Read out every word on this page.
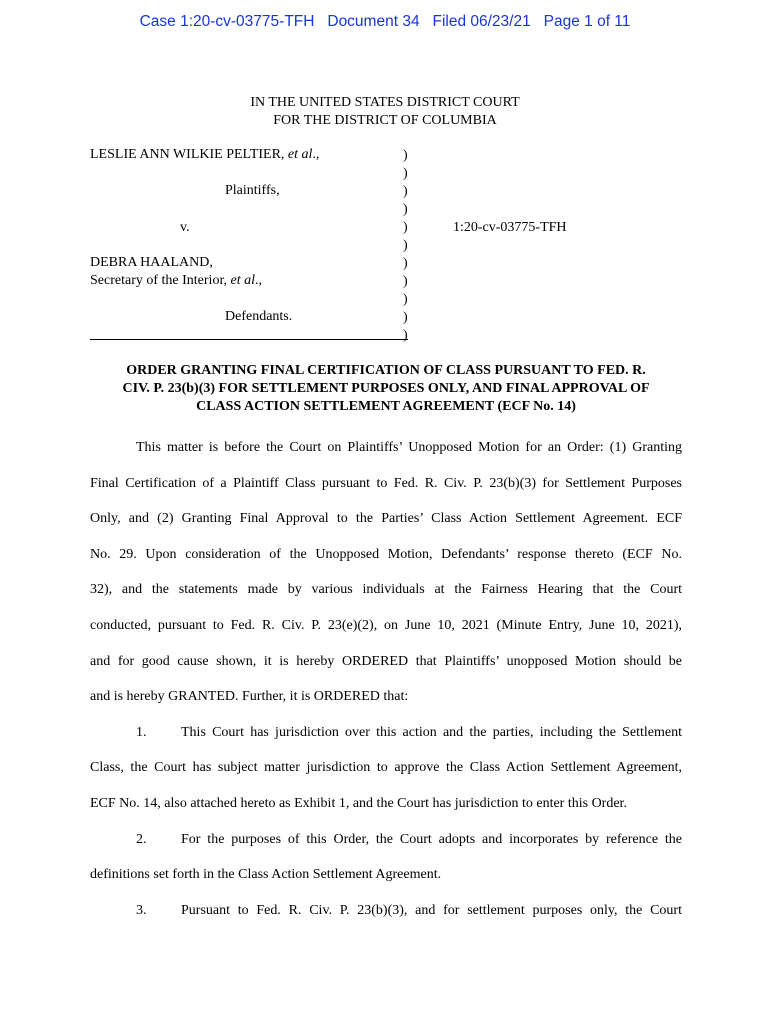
Case 1:20-cv-03775-TFH   Document 34   Filed 06/23/21   Page 1 of 11
IN THE UNITED STATES DISTRICT COURT
FOR THE DISTRICT OF COLUMBIA
LESLIE ANN WILKIE PELTIER, et al.,
Plaintiffs,
v.	1:20-cv-03775-TFH
DEBRA HAALAND,
Secretary of the Interior, et al.,
Defendants.
)
)
)
)
)
)
)
)
)
)
)
ORDER GRANTING FINAL CERTIFICATION OF CLASS PURSUANT TO FED. R.
CIV. P. 23(b)(3) FOR SETTLEMENT PURPOSES ONLY, AND FINAL APPROVAL OF
CLASS ACTION SETTLEMENT AGREEMENT (ECF No. 14)
This matter is before the Court on Plaintiffs’ Unopposed Motion for an Order: (1) Granting
Final Certification of a Plaintiff Class pursuant to Fed. R. Civ. P. 23(b)(3) for Settlement Purposes
Only, and (2) Granting Final Approval to the Parties’ Class Action Settlement Agreement. ECF
No. 29. Upon consideration of the Unopposed Motion, Defendants’ response thereto (ECF No.
32), and the statements made by various individuals at the Fairness Hearing that the Court
conducted, pursuant to Fed. R. Civ. P. 23(e)(2), on June 10, 2021 (Minute Entry, June 10, 2021),
and for good cause shown, it is hereby ORDERED that Plaintiffs’ unopposed Motion should be
and is hereby GRANTED. Further, it is ORDERED that:
1. This Court has jurisdiction over this action and the parties, including the Settlement
Class, the Court has subject matter jurisdiction to approve the Class Action Settlement Agreement,
ECF No. 14, also attached hereto as Exhibit 1, and the Court has jurisdiction to enter this Order.
2. For the purposes of this Order, the Court adopts and incorporates by reference the
definitions set forth in the Class Action Settlement Agreement.
3. Pursuant to Fed. R. Civ. P. 23(b)(3), and for settlement purposes only, the Court
